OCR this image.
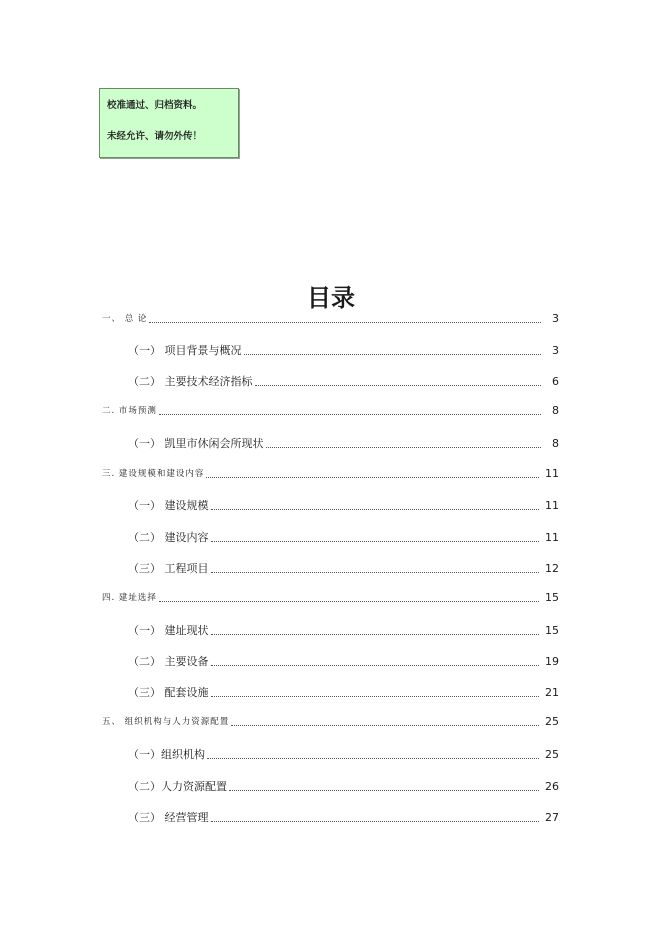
校准通过、归档资料。
未经允许、请勿外传！
目录
一、 总 论	3
（一） 项目背景与概况	3
（二） 主要技术经济指标	6
二. 市场预测	8
（一） 凯里市休闲会所现状	8
三. 建设规模和建设内容	11
（一） 建设规模	11
（二） 建设内容	11
（三） 工程项目	12
四. 建址选择	15
（一） 建址现状	15
（二） 主要设备	19
（三） 配套设施	21
五、 组织机构与人力资源配置	25
（一）组织机构	25
（二）人力资源配置	26
（三） 经营管理	27
